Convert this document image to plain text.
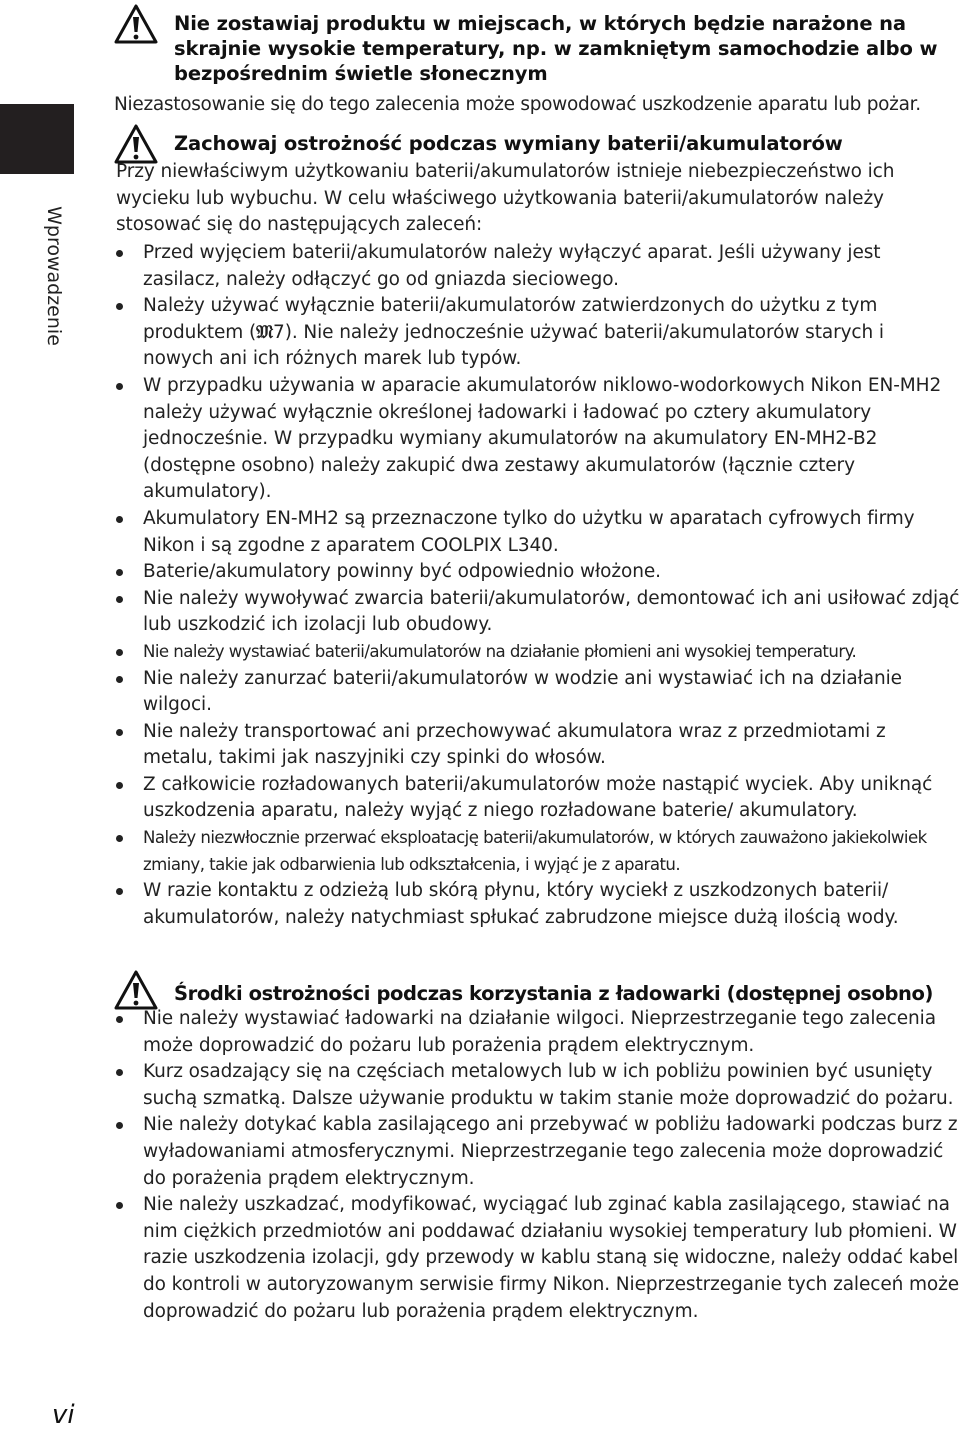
Wprowadzenie
vi
Nie zostawiaj produktu w miejscach, w których będzie narażone na skrajnie wysokie temperatury, np. w zamkniętym samochodzie albo w bezpośrednim świetle słonecznym
Niezastosowanie się do tego zalecenia może spowodować uszkodzenie aparatu lub pożar.
Zachowaj ostrożność podczas wymiany baterii/akumulatorów
Przy niewłaściwym użytkowaniu baterii/akumulatorów istnieje niebezpieczeństwo ich wycieku lub wybuchu. W celu właściwego użytkowania baterii/akumulatorów należy stosować się do następujących zaleceń:
Przed wyjęciem baterii/akumulatorów należy wyłączyć aparat. Jeśli używany jest zasilacz, należy odłączyć go od gniazda sieciowego.
Należy używać wyłącznie baterii/akumulatorów zatwierdzonych do użytku z tym produktem (𝔐7). Nie należy jednocześnie używać baterii/akumulatorów starych i nowych ani ich różnych marek lub typów.
W przypadku używania w aparacie akumulatorów niklowo-wodorkowych Nikon EN-MH2 należy używać wyłącznie określonej ładowarki i ładować po cztery akumulatory jednocześnie. W przypadku wymiany akumulatorów na akumulatory EN-MH2-B2 (dostępne osobno) należy zakupić dwa zestawy akumulatorów (łącznie cztery akumulatory).
Akumulatory EN-MH2 są przeznaczone tylko do użytku w aparatach cyfrowych firmy Nikon i są zgodne z aparatem COOLPIX L340.
Baterie/akumulatory powinny być odpowiednio włożone.
Nie należy wywoływać zwarcia baterii/akumulatorów, demontować ich ani usiłować zdjąć lub uszkodzić ich izolacji lub obudowy.
Nie należy wystawiać baterii/akumulatorów na działanie płomieni ani wysokiej temperatury.
Nie należy zanurzać baterii/akumulatorów w wodzie ani wystawiać ich na działanie wilgoci.
Nie należy transportować ani przechowywać akumulatora wraz z przedmiotami z metalu, takimi jak naszyjniki czy spinki do włosów.
Z całkowicie rozładowanych baterii/akumulatorów może nastąpić wyciek. Aby uniknąć uszkodzenia aparatu, należy wyjąć z niego rozładowane baterie/ akumulatory.
Należy niezwłocznie przerwać eksploatację baterii/akumulatorów, w których zauważono jakiekolwiek zmiany, takie jak odbarwienia lub odkształcenia, i wyjąć je z aparatu.
W razie kontaktu z odzieżą lub skórą płynu, który wyciekł z uszkodzonych baterii/ akumulatorów, należy natychmiast spłukać zabrudzone miejsce dużą ilością wody.
Środki ostrożności podczas korzystania z ładowarki (dostępnej osobno)
Nie należy wystawiać ładowarki na działanie wilgoci. Nieprzestrzeganie tego zalecenia może doprowadzić do pożaru lub porażenia prądem elektrycznym.
Kurz osadzający się na częściach metalowych lub w ich pobliżu powinien być usunięty suchą szmatką. Dalsze używanie produktu w takim stanie może doprowadzić do pożaru.
Nie należy dotykać kabla zasilającego ani przebywać w pobliżu ładowarki podczas burz z wyładowaniami atmosferycznymi. Nieprzestrzeganie tego zalecenia może doprowadzić do porażenia prądem elektrycznym.
Nie należy uszkadzać, modyfikować, wyciągać lub zginać kabla zasilającego, stawiać na nim ciężkich przedmiotów ani poddawać działaniu wysokiej temperatury lub płomieni. W razie uszkodzenia izolacji, gdy przewody w kablu staną się widoczne, należy oddać kabel do kontroli w autoryzowanym serwisie firmy Nikon. Nieprzestrzeganie tych zaleceń może doprowadzić do pożaru lub porażenia prądem elektrycznym.
